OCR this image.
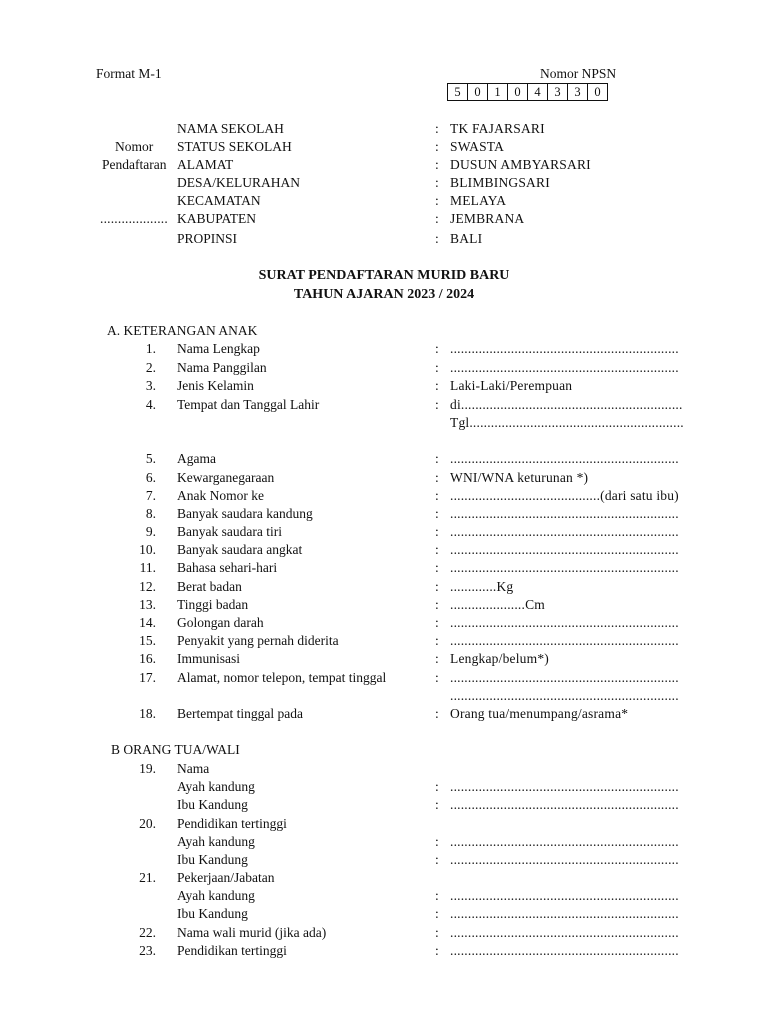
Format M-1	Nomor NPSN
5	0	1	0	4	3	3	0
Nomor
Pendaftaran
...................
NAMA SEKOLAH	: TK FAJARSARI
STATUS SEKOLAH	: SWASTA
ALAMAT	: DUSUN AMBYARSARI
DESA/KELURAHAN	: BLIMBINGSARI
KECAMATAN	: MELAYA
KABUPATEN	: JEMBRANA
PROPINSI	: BALI
SURAT PENDAFTARAN MURID BARU
TAHUN AJARAN 2023 / 2024
A. KETERANGAN ANAK
1. Nama Lengkap	: ................................................................
2. Nama Panggilan	: ................................................................
3. Jenis Kelamin	: Laki-Laki/Perempuan
4. Tempat dan Tanggal Lahir	: di..............................................................
Tgl............................................................
5. Agama	: ................................................................
6. Kewarganegaraan	: WNI/WNA keturunan *)
7. Anak Nomor ke	: ..........................................(dari satu ibu)
8. Banyak saudara kandung	: ................................................................
9. Banyak saudara tiri	: ................................................................
10. Banyak saudara angkat	: ................................................................
11. Bahasa sehari-hari	: ................................................................
12. Berat badan	: .............Kg
13. Tinggi badan	: .....................Cm
14. Golongan darah	: ................................................................
15. Penyakit yang pernah diderita	: ................................................................
16. Immunisasi	: Lengkap/belum*)
17. Alamat, nomor telepon, tempat tinggal	: ................................................................
................................................................
18. Bertempat tinggal pada	: Orang tua/menumpang/asrama*
B ORANG TUA/WALI
19. Nama
Ayah kandung	: ................................................................
Ibu Kandung	: ................................................................
20. Pendidikan tertinggi
Ayah kandung	: ................................................................
Ibu Kandung	: ................................................................
21. Pekerjaan/Jabatan
Ayah kandung	: ................................................................
Ibu Kandung	: ................................................................
22. Nama wali murid (jika ada)	: ................................................................
23. Pendidikan tertinggi	: ................................................................
